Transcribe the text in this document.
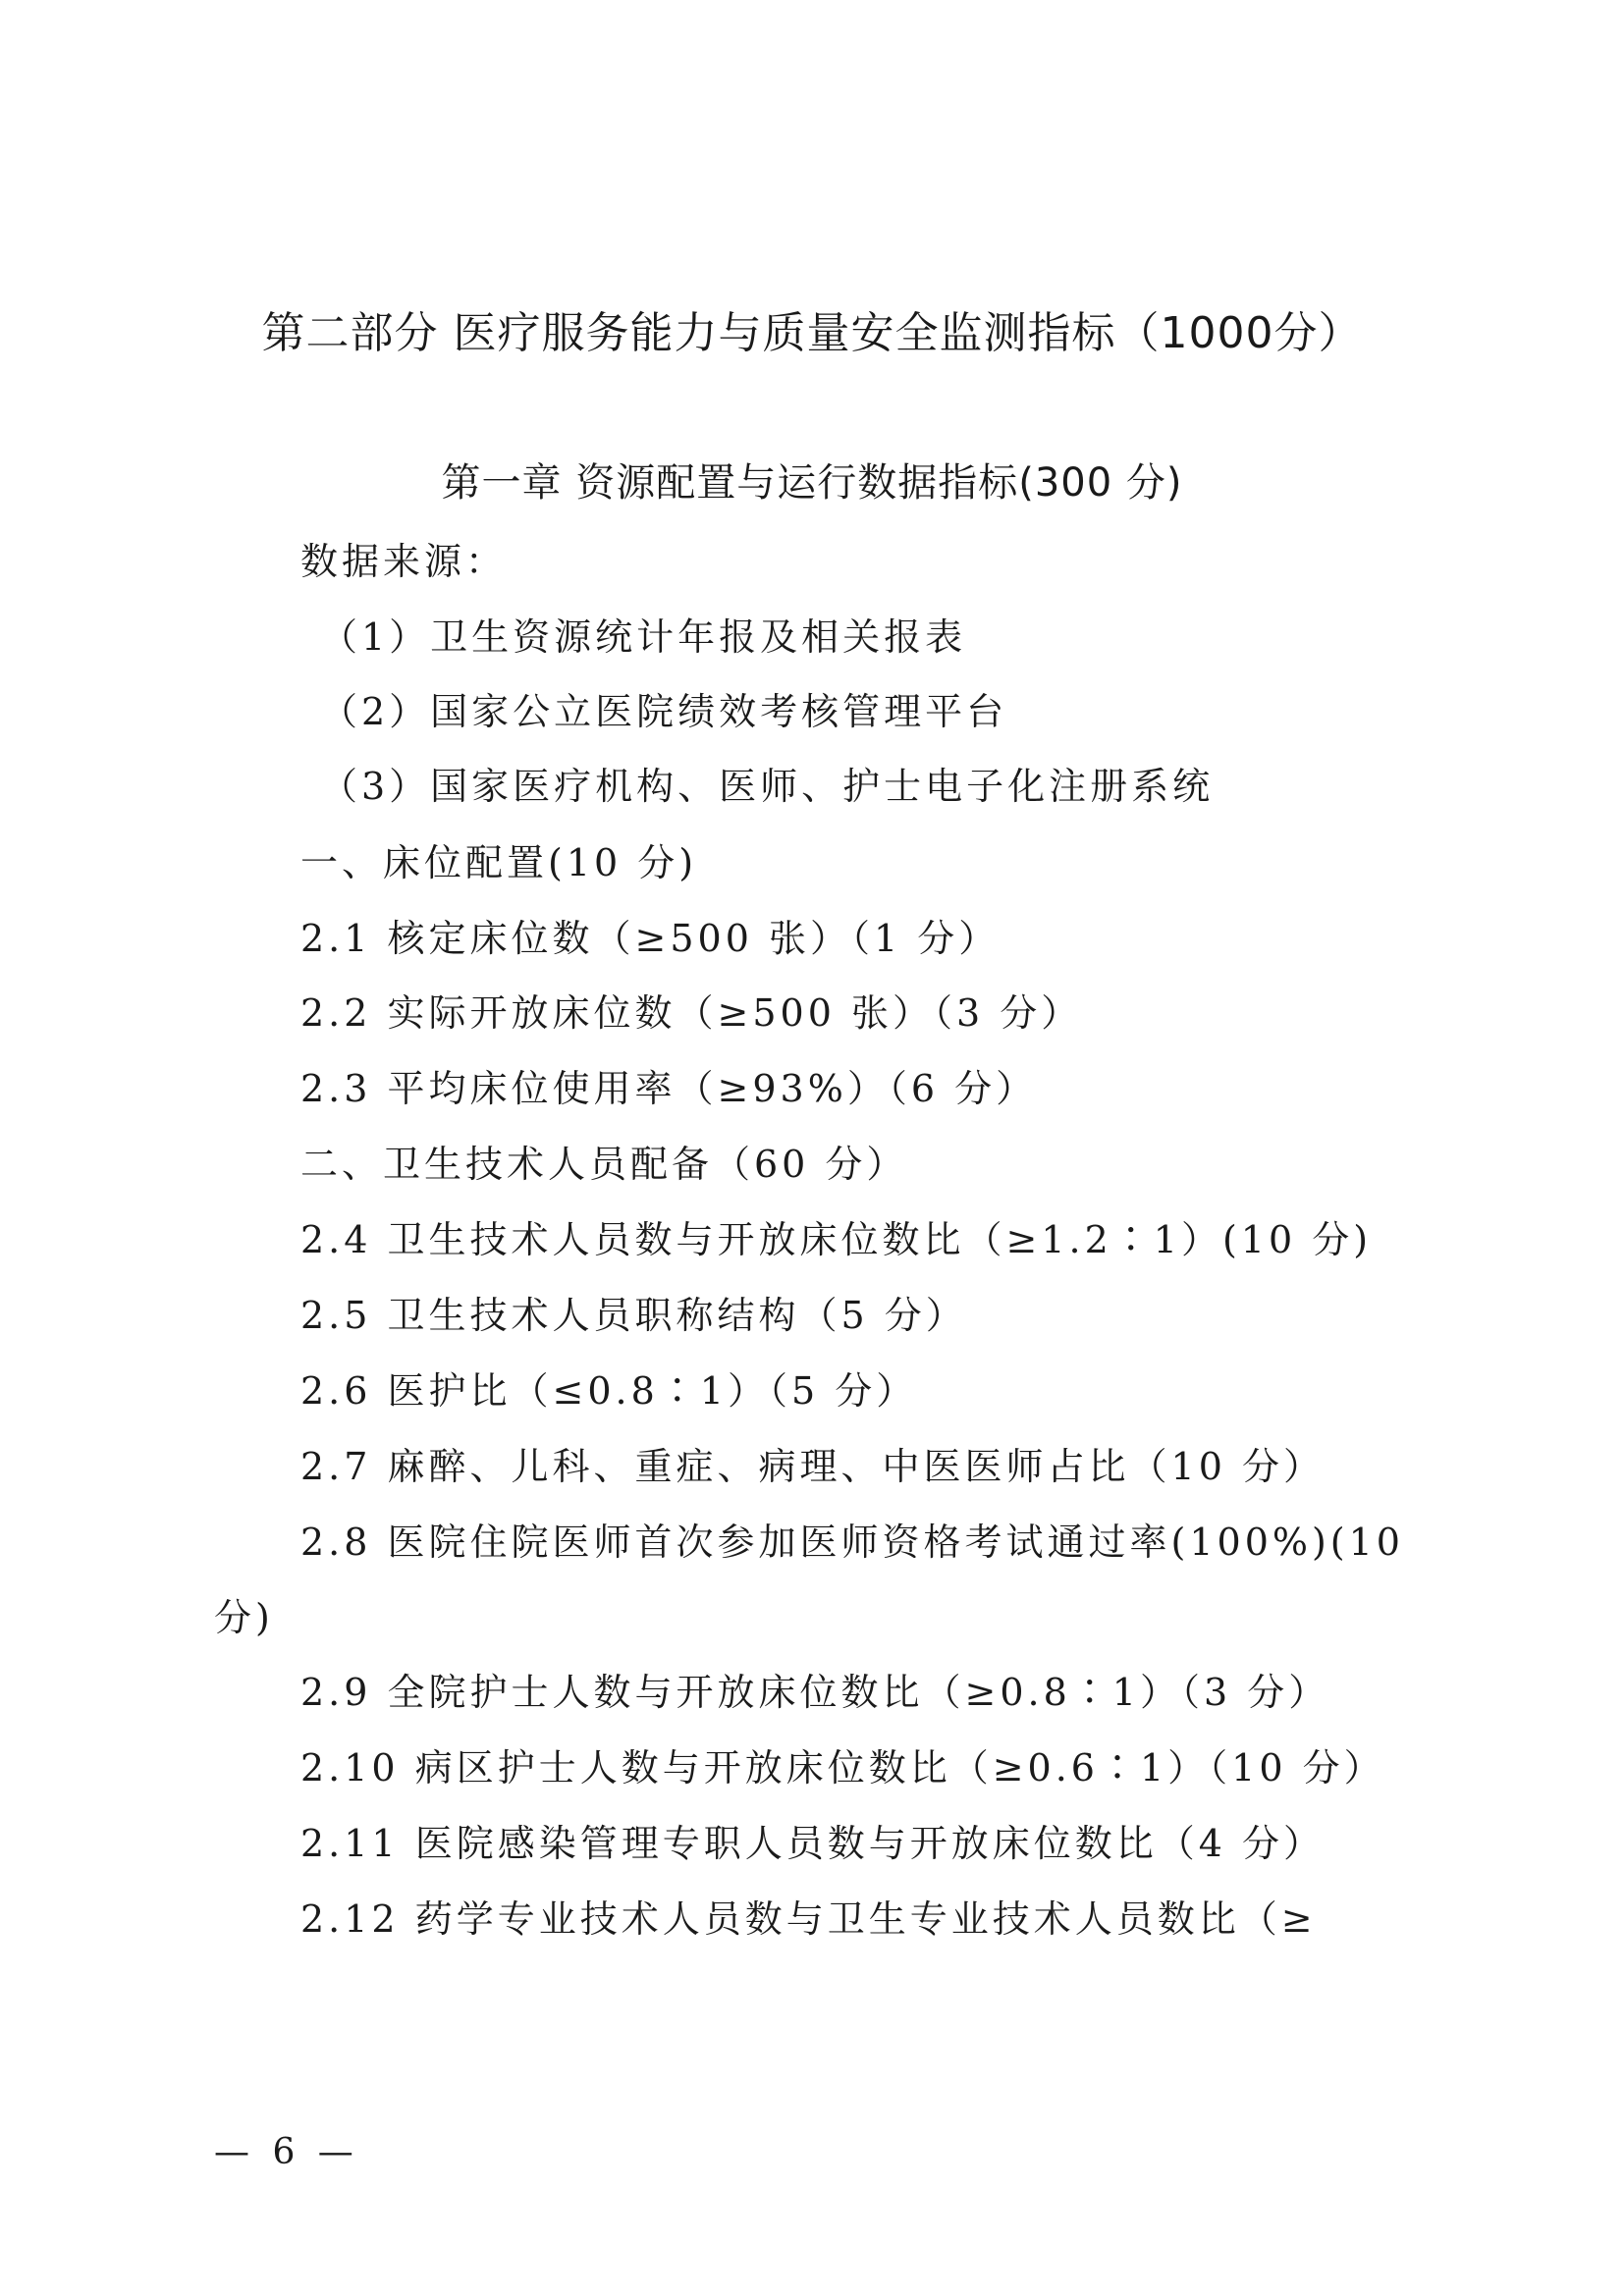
第二部分 医疗服务能力与质量安全监测指标（1000分）
第一章 资源配置与运行数据指标(300 分)
数据来源：
（1）卫生资源统计年报及相关报表
（2）国家公立医院绩效考核管理平台
（3）国家医疗机构、医师、护士电子化注册系统
一、床位配置(10 分)
2.1 核定床位数（≥500 张）（1 分）
2.2 实际开放床位数（≥500 张）（3 分）
2.3 平均床位使用率（≥93%）（6 分）
二、卫生技术人员配备（60 分）
2.4 卫生技术人员数与开放床位数比（≥1.2∶1）(10 分)
2.5 卫生技术人员职称结构（5 分）
2.6 医护比（≤0.8∶1）（5 分）
2.7 麻醉、儿科、重症、病理、中医医师占比（10 分）
2.8 医院住院医师首次参加医师资格考试通过率(100%)(10
分)
2.9 全院护士人数与开放床位数比（≥0.8∶1）（3 分）
2.10 病区护士人数与开放床位数比（≥0.6∶1）（10 分）
2.11 医院感染管理专职人员数与开放床位数比（4 分）
2.12 药学专业技术人员数与卫生专业技术人员数比（≥
— 6 —
